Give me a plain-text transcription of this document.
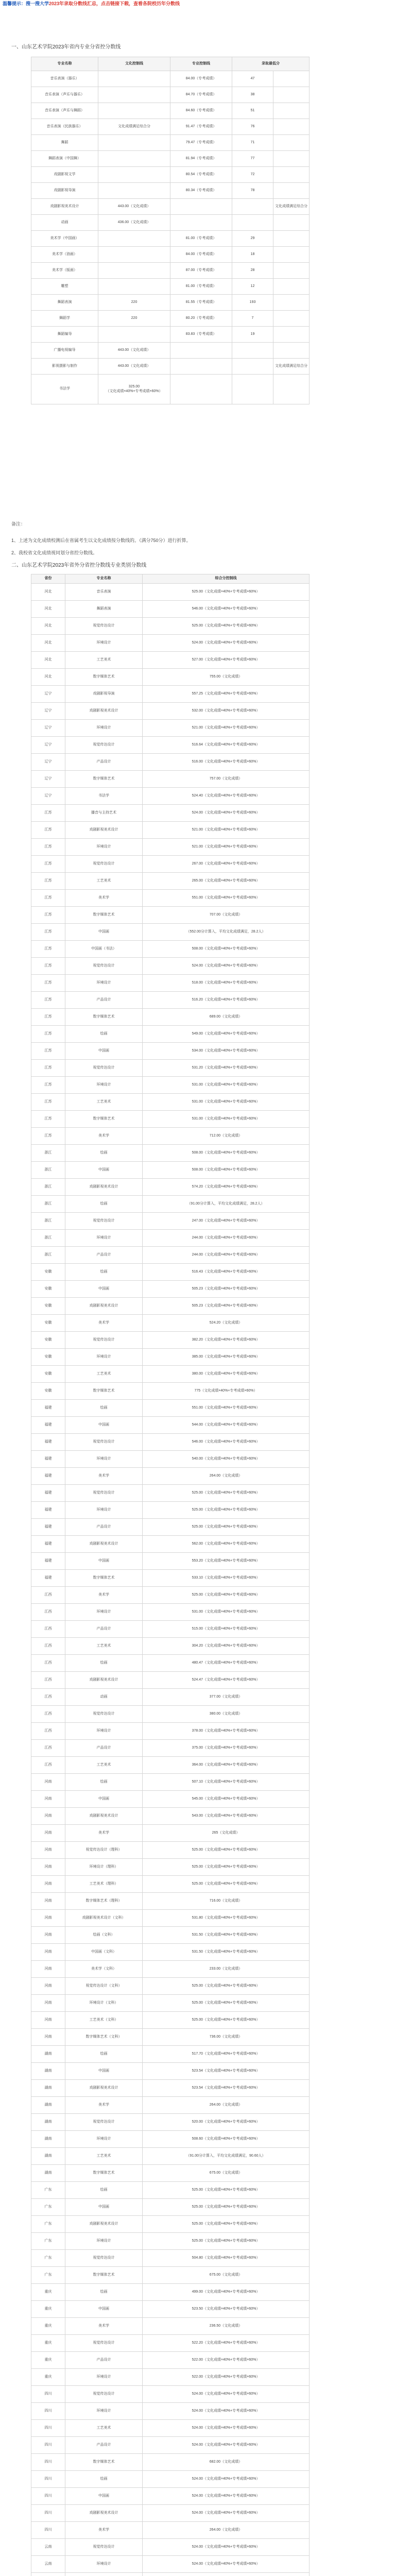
温馨提示：搜一搜大学2023年录取分数线汇总，点击链接下载，查看各院校历年分数线
一、山东艺术学院2023年省内专业分省控分数线
专业名称	文化控制线	专业控制线	录取最低分	
音乐表演（器乐）		84.00（专考成绩）	47	
音乐表演（声乐与器乐）		84.70（专考成绩）	38	
音乐表演（声乐与舞蹈）		84.60（专考成绩）	51	
音乐表演（民族器乐）	文化成绩满足综合分	91.47（专考成绩）	76	
舞蹈		79.47（专考成绩）	71	
舞蹈表演（中国舞）		81.94（专考成绩）	77	
戏剧影视文学		80.54（专考成绩）	72	
戏剧影视导演		80.34（专考成绩）	78	
戏剧影视美术设计	443.00（文化成绩）			文化成绩满足综合分
动画	436.00（文化成绩）			
美术学（中国画）		81.00（专考成绩）	29	
美术学（油画）		84.00（专考成绩）	18	
美术学（版画）		87.00（专考成绩）	28	
雕塑		81.00（专考成绩）	12	
舞蹈表演	220	81.55（专考成绩）	193	
舞蹈学	220	80.20（专考成绩）	7	
舞蹈编导		83.83（专考成绩）	19	
广播电视编导	443.00（文化成绩）			
影视摄影与制作	443.00（文化成绩）			文化成绩满足综合分
书法学	325.00
（文化成绩×40%+专考成绩×60%）			

备注：
1、上述为文化成绩校测后在省属考生以文化成绩按分数线的。（满分750分）进行折算。
2、我校省文化成绩视同划分省控分数线。
二、山东艺术学院2023年省外分省控分数线专业类别分数线
省份	专业名称	综合分控制线
河北	音乐表演	525.00（文化成绩×40%+专考成绩×60%）
河北	舞蹈表演	546.00（文化成绩×40%+专考成绩×60%）
河北	视觉传达设计	525.00（文化成绩×40%+专考成绩×60%）
河北	环境设计	524.00（文化成绩×40%+专考成绩×60%）
河北	工艺美术	527.00（文化成绩×40%+专考成绩×60%）
河北	数字媒体艺术	755.00（文化成绩）
辽宁	戏剧影视导演	557.25（文化成绩×40%+专考成绩×60%）
辽宁	戏剧影视美术设计	532.00（文化成绩×40%+专考成绩×60%）
辽宁	环境设计	521.00（文化成绩×40%+专考成绩×60%）
辽宁	视觉传达设计	516.64（文化成绩×40%+专考成绩×60%）
辽宁	产品设计	516.00（文化成绩×40%+专考成绩×60%）
辽宁	数字媒体艺术	757.00（文化成绩）
辽宁	书法学	524.40（文化成绩×40%+专考成绩×60%）
江苏	播音与主持艺术	524.00（文化成绩×40%+专考成绩×60%）
江苏	戏剧影视美术设计	521.00（文化成绩×40%+专考成绩×60%）
江苏	环境设计	521.00（文化成绩×40%+专考成绩×60%）
江苏	视觉传达设计	267.00（文化成绩×40%+专考成绩×60%）
江苏	工艺美术	265.00（文化成绩×40%+专考成绩×60%）
江苏	美术学	551.00（文化成绩×40%+专考成绩×60%）
江苏	数字媒体艺术	707.00（文化成绩）
江苏	中国画	（552.00分计算入，平均文化成绩满足，28.2人）
江苏	中国画（书法）	508.00（文化成绩×40%+专考成绩×60%）
江苏	视觉传达设计	524.00（文化成绩×40%+专考成绩×60%）
江苏	环境设计	518.00（文化成绩×40%+专考成绩×60%）
江苏	产品设计	516.20（文化成绩×40%+专考成绩×60%）
江苏	数字媒体艺术	689.00（文化成绩）
江苏	绘画	549.00（文化成绩×40%+专考成绩×60%）
江苏	中国画	534.00（文化成绩×40%+专考成绩×60%）
江苏	视觉传达设计	531.20（文化成绩×40%+专考成绩×60%）
江苏	环境设计	531.00（文化成绩×40%+专考成绩×60%）
江苏	工艺美术	531.00（文化成绩×40%+专考成绩×60%）
江苏	数字媒体艺术	531.00（文化成绩×40%+专考成绩×60%）
江苏	美术学	712.00（文化成绩）
浙江	绘画	508.00（文化成绩×40%+专考成绩×60%）
浙江	中国画	508.00（文化成绩×40%+专考成绩×60%）
浙江	戏剧影视美术设计	574.20（文化成绩×40%+专考成绩×60%）
浙江	绘画	（91.00分计算入，平均文化成绩满足，28.2人）
浙江	视觉传达设计	247.00（文化成绩×40%+专考成绩×60%）
浙江	环境设计	244.00（文化成绩×40%+专考成绩×60%）
浙江	产品设计	244.00（文化成绩×40%+专考成绩×60%）
安徽	绘画	516.43（文化成绩×40%+专考成绩×60%）
安徽	中国画	505.23（文化成绩×40%+专考成绩×60%）
安徽	戏剧影视美术设计	505.23（文化成绩×40%+专考成绩×60%）
安徽	美术学	524.20（文化成绩）
安徽	视觉传达设计	382.20（文化成绩×40%+专考成绩×60%）
安徽	环境设计	385.00（文化成绩×40%+专考成绩×60%）
安徽	工艺美术	380.00（文化成绩×40%+专考成绩×60%）
安徽	数字媒体艺术	775（文化成绩×40%+专考成绩×60%）
福建	绘画	551.00（文化成绩×40%+专考成绩×60%）
福建	中国画	544.00（文化成绩×40%+专考成绩×60%）
福建	视觉传达设计	546.00（文化成绩×40%+专考成绩×60%）
福建	环境设计	540.00（文化成绩×40%+专考成绩×60%）
福建	美术学	264.00（文化成绩）
福建	视觉传达设计	525.00（文化成绩×40%+专考成绩×60%）
福建	环境设计	525.00（文化成绩×40%+专考成绩×60%）
福建	产品设计	525.00（文化成绩×40%+专考成绩×60%）
福建	戏剧影视美术设计	562.00（文化成绩×40%+专考成绩×60%）
福建	中国画	553.20（文化成绩×40%+专考成绩×60%）
福建	数字媒体艺术	533.10（文化成绩×40%+专考成绩×60%）
江西	美术学	525.00（文化成绩×40%+专考成绩×60%）
江西	环境设计	531.00（文化成绩×40%+专考成绩×60%）
江西	产品设计	515.00（文化成绩×40%+专考成绩×60%）
江西	工艺美术	304.20（文化成绩×40%+专考成绩×60%）
江西	绘画	480.47（文化成绩×40%+专考成绩×60%）
江西	戏剧影视美术设计	524.47（文化成绩×40%+专考成绩×60%）
江西	动画	377.00（文化成绩）
江西	视觉传达设计	380.00（文化成绩）
江西	环境设计	378.00（文化成绩×40%+专考成绩×60%）
江西	产品设计	375.00（文化成绩×40%+专考成绩×60%）
江西	工艺美术	364.00（文化成绩×40%+专考成绩×60%）
河南	绘画	507.10（文化成绩×40%+专考成绩×60%）
河南	中国画	545.00（文化成绩×40%+专考成绩×60%）
河南	戏剧影视美术设计	543.00（文化成绩×40%+专考成绩×60%）
河南	美术学	265（文化成绩）
河南	视觉传达设计（理科）	525.00（文化成绩×40%+专考成绩×60%）
河南	环境设计（理科）	525.00（文化成绩×40%+专考成绩×60%）
河南	工艺美术（理科）	525.00（文化成绩×40%+专考成绩×60%）
河南	数字媒体艺术（理科）	716.00（文化成绩）
河南	戏剧影视美术设计（文科）	531.80（文化成绩×40%+专考成绩×60%）
河南	绘画（文科）	531.50（文化成绩×40%+专考成绩×60%）
河南	中国画（文科）	531.50（文化成绩×40%+专考成绩×60%）
河南	美术学（文科）	233.00（文化成绩）
河南	视觉传达设计（文科）	525.00（文化成绩×40%+专考成绩×60%）
河南	环境设计（文科）	525.00（文化成绩×40%+专考成绩×60%）
河南	工艺美术（文科）	525.00（文化成绩×40%+专考成绩×60%）
河南	数字媒体艺术（文科）	736.00（文化成绩）
湖南	绘画	517.70（文化成绩×40%+专考成绩×60%）
湖南	中国画	523.54（文化成绩×40%+专考成绩×60%）
湖南	戏剧影视美术设计	523.54（文化成绩×40%+专考成绩×60%）
湖南	美术学	264.00（文化成绩）
湖南	视觉传达设计	520.00（文化成绩×40%+专考成绩×60%）
湖南	环境设计	508.60（文化成绩×40%+专考成绩×60%）
湖南	工艺美术	（91.00分计算入，平均文化成绩满足，90.60人）
湖南	数字媒体艺术	675.00（文化成绩）
广东	绘画	525.00（文化成绩×40%+专考成绩×60%）
广东	中国画	525.00（文化成绩×40%+专考成绩×60%）
广东	戏剧影视美术设计	525.00（文化成绩×40%+专考成绩×60%）
广东	环境设计	525.00（文化成绩×40%+专考成绩×60%）
广东	视觉传达设计	504.80（文化成绩×40%+专考成绩×60%）
广东	数字媒体艺术	675.00（文化成绩）
重庆	绘画	499.00（文化成绩×40%+专考成绩×60%）
重庆	中国画	523.50（文化成绩×40%+专考成绩×60%）
重庆	美术学	236.50（文化成绩）
重庆	视觉传达设计	522.20（文化成绩×40%+专考成绩×60%）
重庆	产品设计	522.00（文化成绩×40%+专考成绩×60%）
重庆	环境设计	522.00（文化成绩×40%+专考成绩×60%）
四川	视觉传达设计	524.00（文化成绩×40%+专考成绩×60%）
四川	环境设计	524.00（文化成绩×40%+专考成绩×60%）
四川	工艺美术	524.00（文化成绩×40%+专考成绩×60%）
四川	产品设计	524.00（文化成绩×40%+专考成绩×60%）
四川	数字媒体艺术	682.00（文化成绩）
四川	绘画	524.00（文化成绩×40%+专考成绩×60%）
四川	中国画	524.00（文化成绩×40%+专考成绩×60%）
四川	戏剧影视美术设计	524.00（文化成绩×40%+专考成绩×60%）
四川	美术学	264.00（文化成绩）
云南	视觉传达设计	524.00（文化成绩×40%+专考成绩×60%）
云南	环境设计	524.00（文化成绩×40%+专考成绩×60%）
